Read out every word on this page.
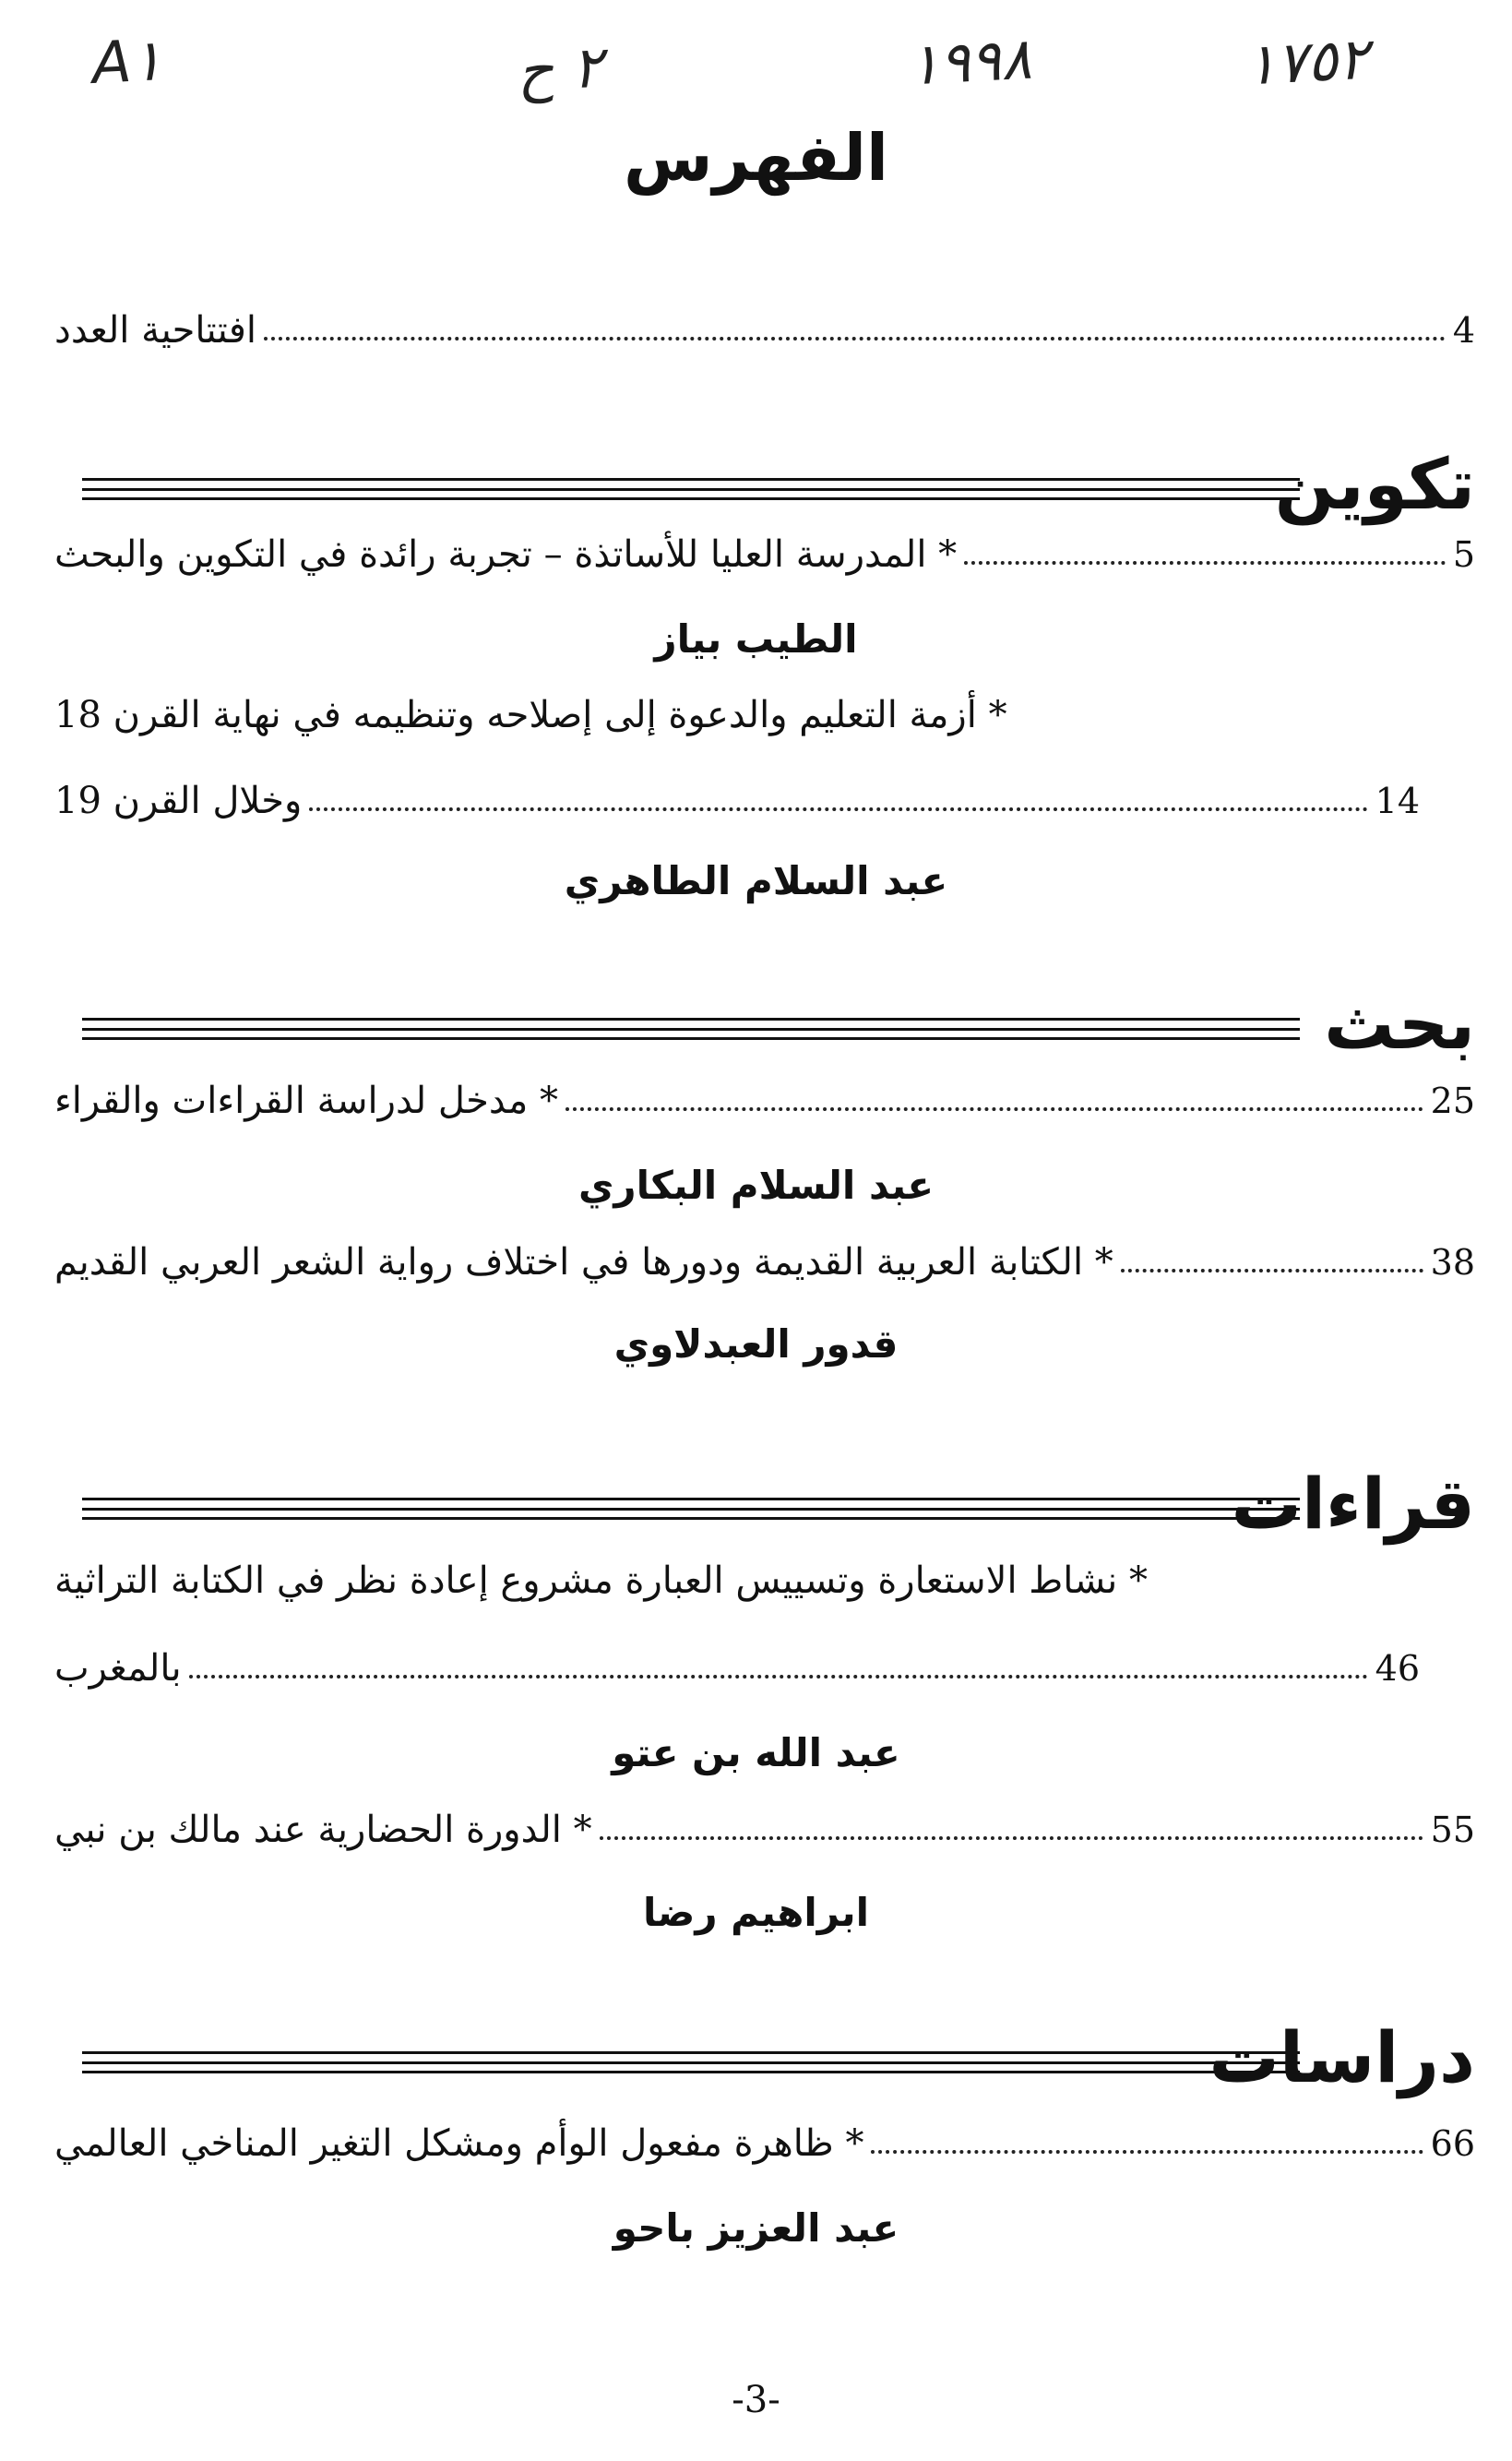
A١	٢ ح	١٩٩٨	١٧٥٢
الفهرس
افتتاحية العدد	4
تكوين
* المدرسة العليا للأساتذة – تجربة رائدة في التكوين والبحث	5
الطيب بياز
* أزمة التعليم والدعوة إلى إصلاحه وتنظيمه في نهاية القرن 18
وخلال القرن 19	14
عبد السلام الطاهري
بحث
* مدخل لدراسة القراءات والقراء	25
عبد السلام البكاري
* الكتابة العربية القديمة ودورها في اختلاف رواية الشعر العربي القديم	38
قدور العبدلاوي
قراءات
* نشاط الاستعارة وتسييس العبارة مشروع إعادة نظر في الكتابة التراثية
بالمغرب	46
عبد الله بن عتو
* الدورة الحضارية عند مالك بن نبي	55
ابراهيم رضا
دراسات
* ظاهرة مفعول الوأم ومشكل التغير المناخي العالمي	66
عبد العزيز باحو
-3-
